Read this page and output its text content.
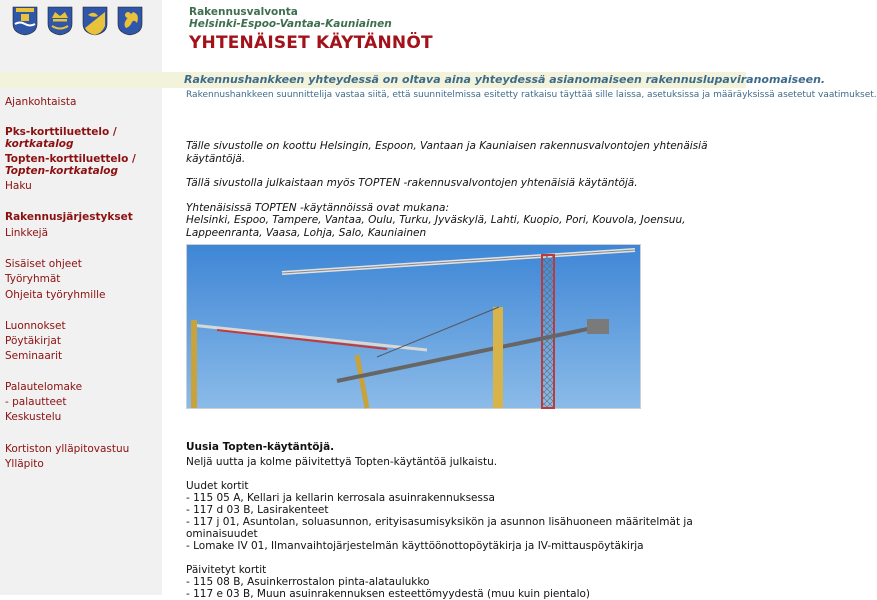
Rakennusvalvonta
Helsinki-Espoo-Vantaa-Kauniainen
YHTENÄISET KÄYTÄNNÖT
Rakennushankkeen yhteydessä on oltava aina yhteydessä asianomaiseen rakennuslupaviranomaiseen.
Rakennushankkeen suunnittelija vastaa siitä, että suunnitelmissa esitetty ratkaisu täyttää sille laissa, asetuksissa ja määräyksissä asetetut vaatimukset.
Ajankohtaista
Pks-korttiluettelo /
kortkatalog
Topten-korttiluettelo /
Topten-kortkatalog
Haku
Rakennusjärjestykset
Linkkejä
Sisäiset ohjeet
Työryhmät
Ohjeita työryhmille
Luonnokset
Pöytäkirjat
Seminaarit
Palautelomake
- palautteet
Keskustelu
Kortiston ylläpitovastuu
Ylläpito
Tälle sivustolle on koottu Helsingin, Espoon, Vantaan ja Kauniaisen rakennusvalvontojen yhtenäisiä käytäntöjä.
Tällä sivustolla julkaistaan myös TOPTEN -rakennusvalvontojen yhtenäisiä käytäntöjä.
Yhtenäisissä TOPTEN -käytännöissä ovat mukana:
Helsinki, Espoo, Tampere, Vantaa, Oulu, Turku, Jyväskylä, Lahti, Kuopio, Pori, Kouvola, Joensuu, Lappeenranta, Vaasa, Lohja, Salo, Kauniainen
Uusia Topten-käytäntöjä.
Neljä uutta ja kolme päivitettyä Topten-käytäntöä julkaistu.
Uudet kortit
- 115 05 A, Kellari ja kellarin kerrosala asuinrakennuksessa
- 117 d 03 B, Lasirakenteet
- 117 j 01, Asuntolan, soluasunnon, erityisasumisyksikön ja asunnon lisähuoneen määritelmät ja ominaisuudet
- Lomake IV 01, Ilmanvaihtojärjestelmän käyttöönottopöytäkirja ja IV-mittauspöytäkirja
Päivitetyt kortit
- 115 08 B, Asuinkerrostalon pinta-alataulukko
- 117 e 03 B, Muun asuinrakennuksen esteettömyydestä (muu kuin pientalo)
